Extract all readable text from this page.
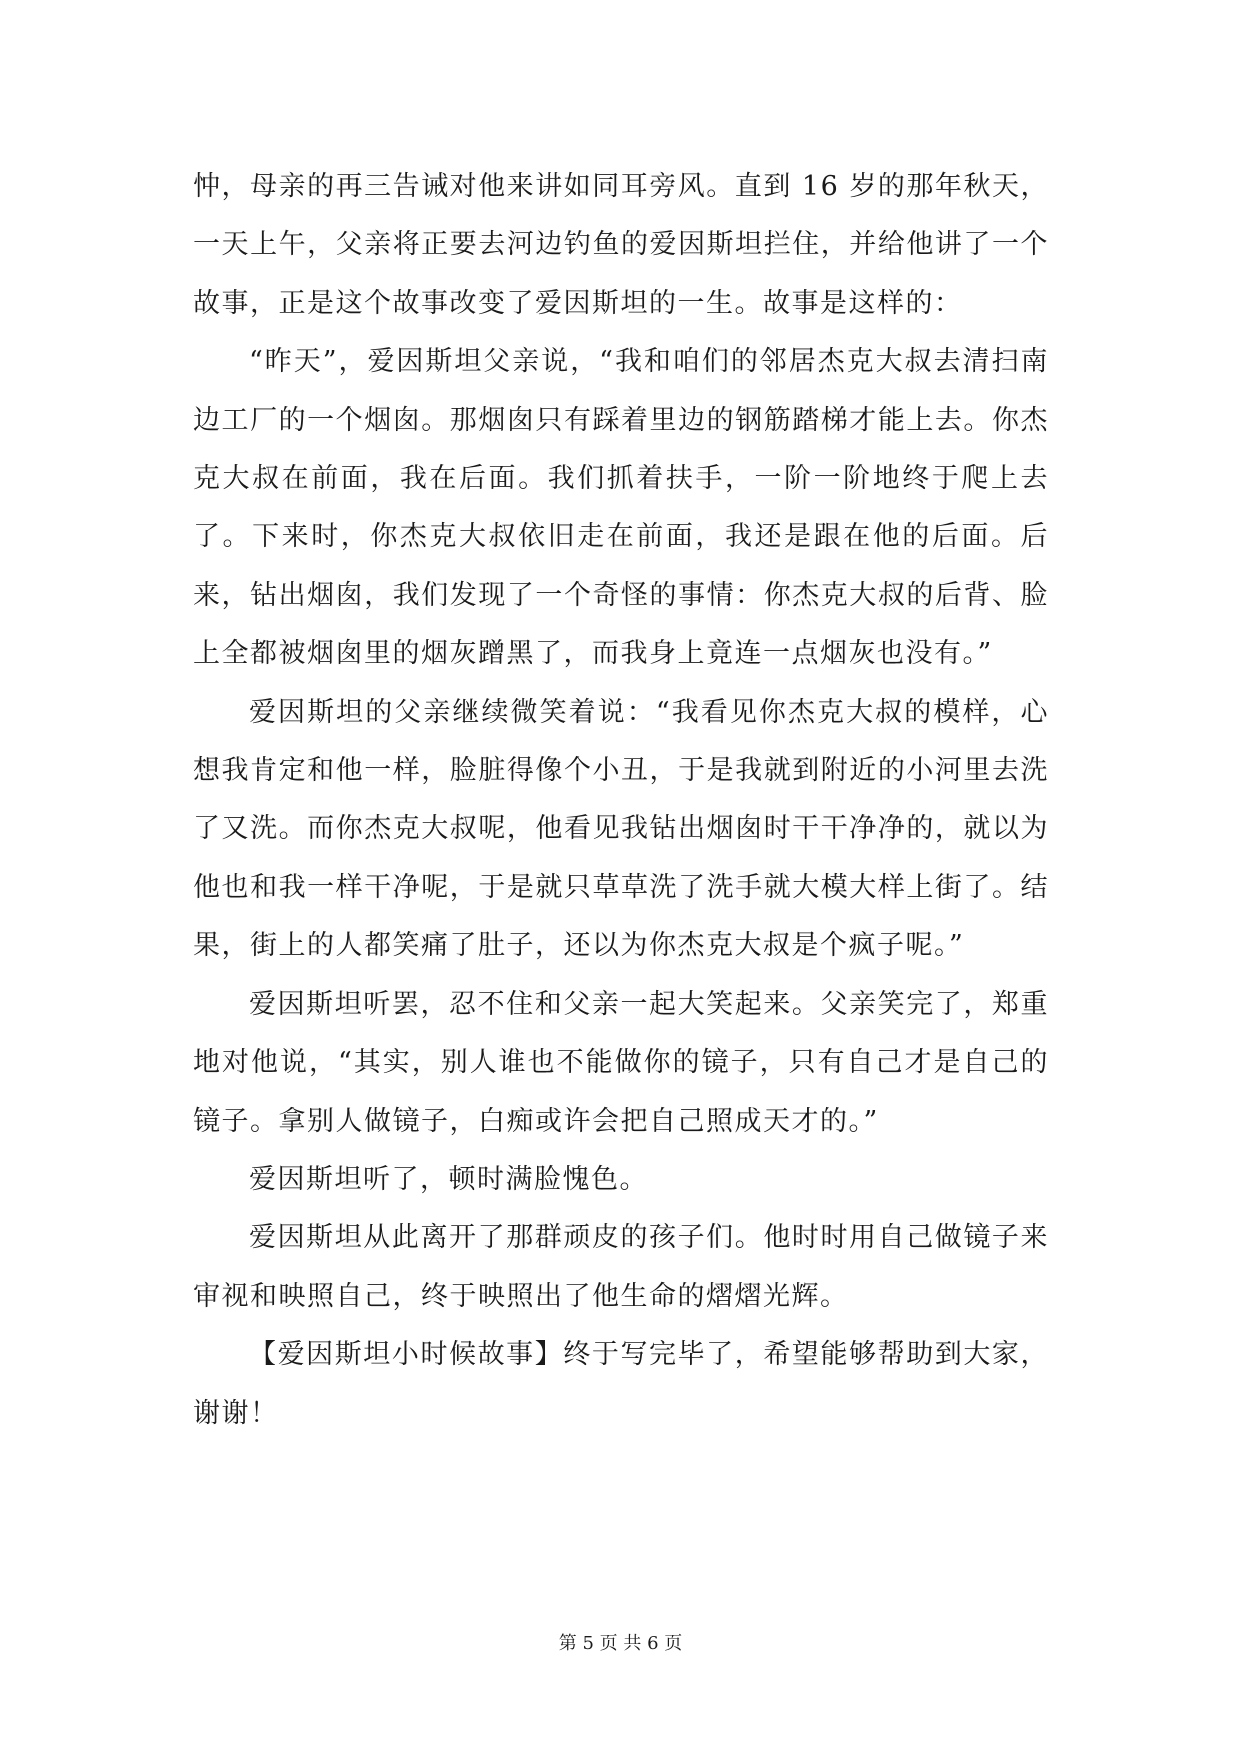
忡，母亲的再三告诫对他来讲如同耳旁风。直到 16 岁的那年秋天，一天上午，父亲将正要去河边钓鱼的爱因斯坦拦住，并给他讲了一个故事，正是这个故事改变了爱因斯坦的一生。故事是这样的：

“昨天”，爱因斯坦父亲说，“我和咱们的邻居杰克大叔去清扫南边工厂的一个烟囱。那烟囱只有踩着里边的钢筋踏梯才能上去。你杰克大叔在前面，我在后面。我们抓着扶手，一阶一阶地终于爬上去了。下来时，你杰克大叔依旧走在前面，我还是跟在他的后面。后来，钻出烟囱，我们发现了一个奇怪的事情：你杰克大叔的后背、脸上全都被烟囱里的烟灰蹭黑了，而我身上竟连一点烟灰也没有。”

爱因斯坦的父亲继续微笑着说：“我看见你杰克大叔的模样，心想我肯定和他一样，脸脏得像个小丑，于是我就到附近的小河里去洗了又洗。而你杰克大叔呢，他看见我钻出烟囱时干干净净的，就以为他也和我一样干净呢，于是就只草草洗了洗手就大模大样上街了。结果，街上的人都笑痛了肚子，还以为你杰克大叔是个疯子呢。”

爱因斯坦听罢，忍不住和父亲一起大笑起来。父亲笑完了，郑重地对他说，“其实，别人谁也不能做你的镜子，只有自己才是自己的镜子。拿别人做镜子，白痴或许会把自己照成天才的。”

爱因斯坦听了，顿时满脸愧色。

爱因斯坦从此离开了那群顽皮的孩子们。他时时用自己做镜子来审视和映照自己，终于映照出了他生命的熠熠光辉。

【爱因斯坦小时候故事】终于写完毕了，希望能够帮助到大家，谢谢！

第 5 页 共 6 页
